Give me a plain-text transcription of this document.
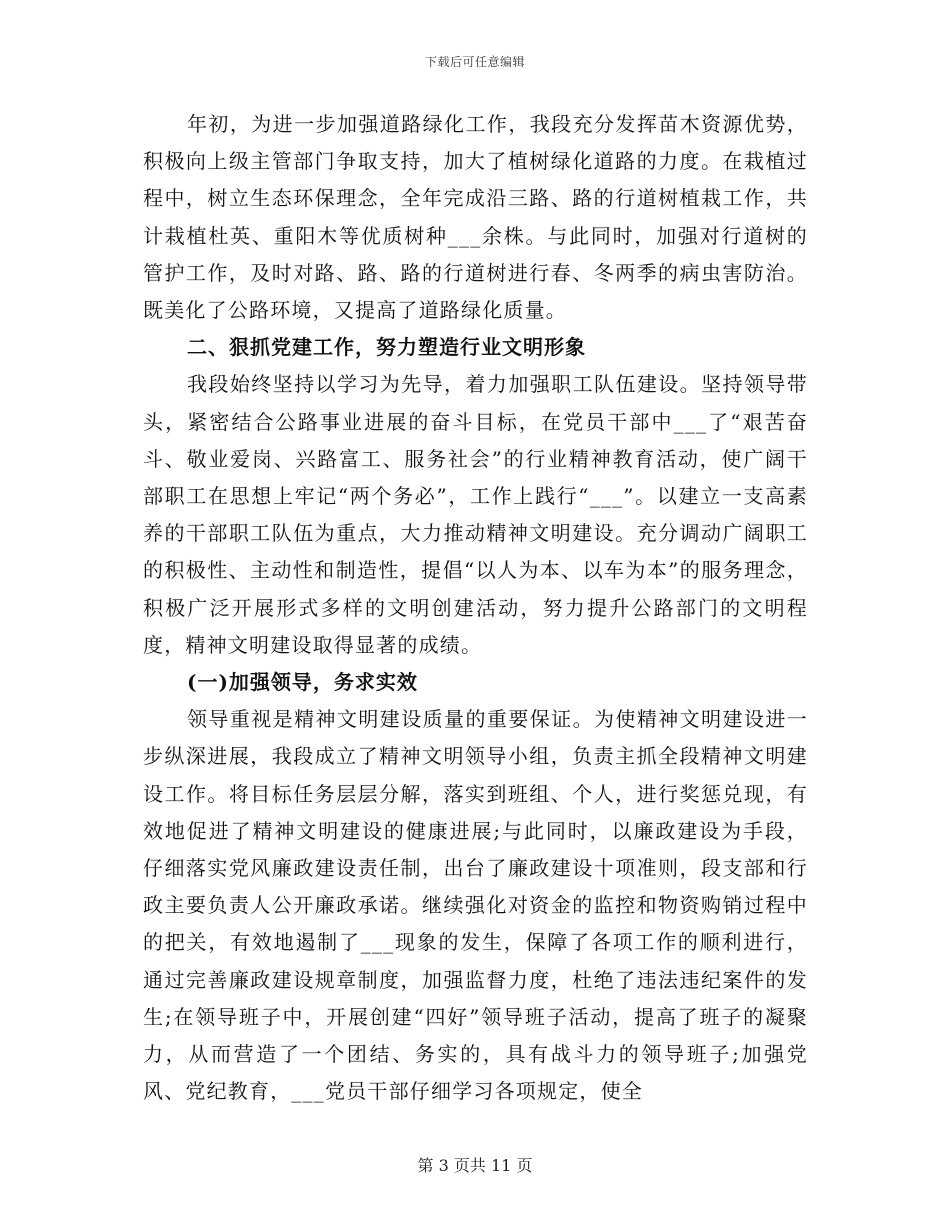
下载后可任意编辑

年初，为进一步加强道路绿化工作，我段充分发挥苗木资源优势，积极向上级主管部门争取支持，加大了植树绿化道路的力度。在栽植过程中，树立生态环保理念，全年完成沿三路、路的行道树植栽工作，共计栽植杜英、重阳木等优质树种___余株。与此同时，加强对行道树的管护工作，及时对路、路、路的行道树进行春、冬两季的病虫害防治。既美化了公路环境，又提高了道路绿化质量。

二、狠抓党建工作，努力塑造行业文明形象

我段始终坚持以学习为先导，着力加强职工队伍建设。坚持领导带头，紧密结合公路事业进展的奋斗目标，在党员干部中___了“艰苦奋斗、敬业爱岗、兴路富工、服务社会”的行业精神教育活动，使广阔干部职工在思想上牢记“两个务必”，工作上践行“___”。以建立一支高素养的干部职工队伍为重点，大力推动精神文明建设。充分调动广阔职工的积极性、主动性和制造性，提倡“以人为本、以车为本”的服务理念，积极广泛开展形式多样的文明创建活动，努力提升公路部门的文明程度，精神文明建设取得显著的成绩。

(一)加强领导，务求实效

领导重视是精神文明建设质量的重要保证。为使精神文明建设进一步纵深进展，我段成立了精神文明领导小组，负责主抓全段精神文明建设工作。将目标任务层层分解，落实到班组、个人，进行奖惩兑现，有效地促进了精神文明建设的健康进展;与此同时，以廉政建设为手段，仔细落实党风廉政建设责任制，出台了廉政建设十项准则，段支部和行政主要负责人公开廉政承诺。继续强化对资金的监控和物资购销过程中的把关，有效地遏制了___现象的发生，保障了各项工作的顺利进行，通过完善廉政建设规章制度，加强监督力度，杜绝了违法违纪案件的发生;在领导班子中，开展创建“四好”领导班子活动，提高了班子的凝聚力，从而营造了一个团结、务实的，具有战斗力的领导班子;加强党风、党纪教育，___党员干部仔细学习各项规定，使全

第 3 页共 11 页
